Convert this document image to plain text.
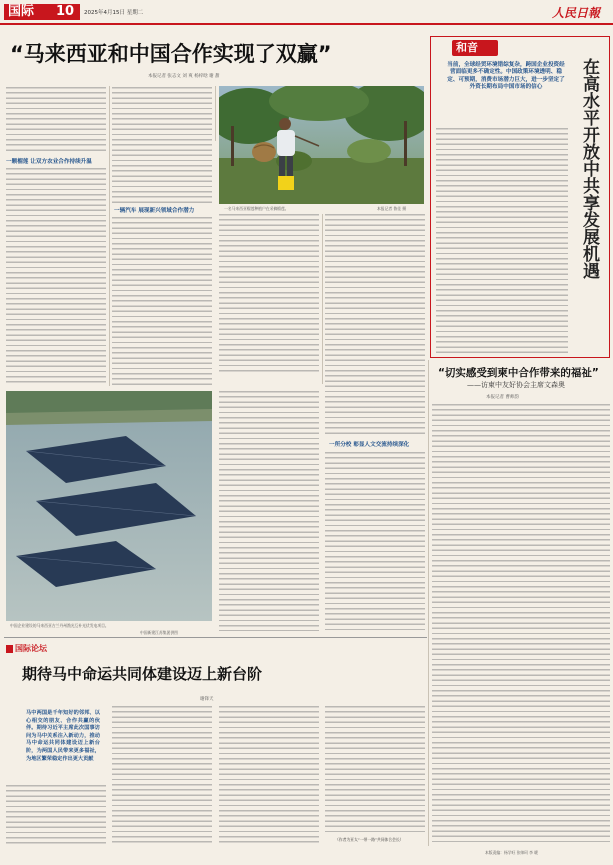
国际 10 2025年4月15日 星期二	人民日報
“马来西亚和中国合作实现了双赢”
本报记者 张志文 刘 爽 杨梓晗 谢 甜
一颗榴莲 让双方农业合作持续升温
一辆汽车 展现新兴领域合作潜力	一名马来西亚榴莲种植户在采摘榴莲。	本报记者 鲁佳 摄
中国企业建设的马来西亚吉兰丹州渔光互补光伏发电项目。
中国新建江苏集团供图
一所分校 彰显人文交流持续深化
和音
当前，全球经贸环境错综复杂，跨国企业投资经营面临更多不确定性。中国政策环境透明、稳定、可预期，消费市场潜力巨大，进一步坚定了外资长期布局中国市场的信心	在高水平开放中共享发展机遇
“切实感受到柬中合作带来的福祉”
——访柬中友好协会主席文森奥
本报记者 曹师韵
国际论坛
期待马中命运共同体建设迈上新台阶
谢锋天
马中两国是千年知好的邻邦、以心相交的朋友、合作共赢的伙伴。期待习近平主席此次国事访问为马中关系注入新动力，推动马中命运共同体建设迈上新台阶，为两国人民带来更多福祉，为地区繁荣稳定作出更大贡献
（作者为亚太“一带一路”共同体合会长）
本版责编：杨学旺 张帅珂 李 暖
